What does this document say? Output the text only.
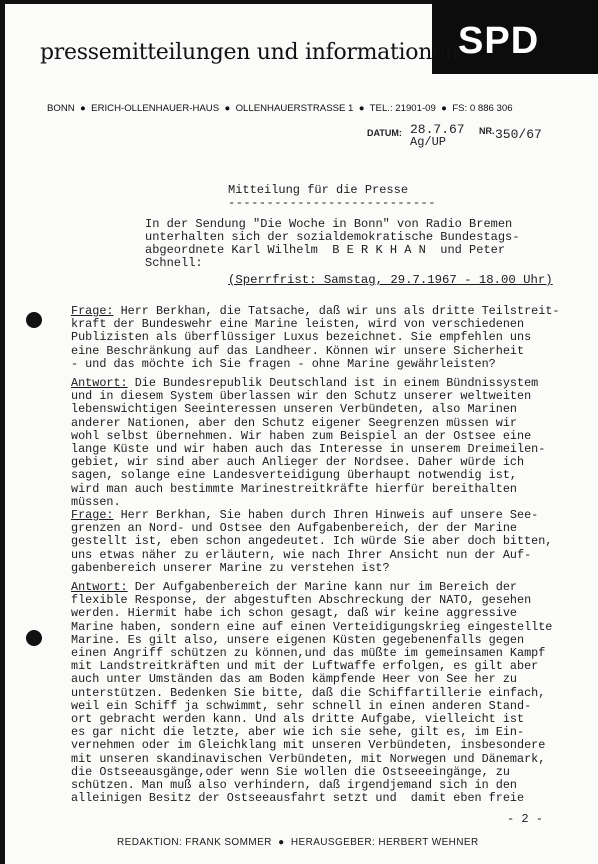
SPD
pressemitteilungen und informationen
BONN  ●  ERICH-OLLENHAUER-HAUS  ●  OLLENHAUERSTRASSE 1  ●  TEL.: 21901-09  ●  FS: 0 886 306
DATUM: 28.7.67
Ag/UP
NR. 350/67
Mitteilung für die Presse
---------------------------
In der Sendung "Die Woche in Bonn" von Radio Bremen
unterhalten sich der sozialdemokratische Bundestags-
abgeordnete Karl Wilhelm  B E R K H A N  und Peter
Schnell:
(Sperrfrist: Samstag, 29.7.1967 - 18.00 Uhr)
Frage: Herr Berkhan, die Tatsache, daß wir uns als dritte Teilstreit-
kraft der Bundeswehr eine Marine leisten, wird von verschiedenen
Publizisten als überflüssiger Luxus bezeichnet. Sie empfehlen uns
eine Beschränkung auf das Landheer. Können wir unsere Sicherheit
- und das möchte ich Sie fragen - ohne Marine gewährleisten?
Antwort: Die Bundesrepublik Deutschland ist in einem Bündnissystem
und in diesem System überlassen wir den Schutz unserer weltweiten
lebenswichtigen Seeinteressen unseren Verbündeten, also Marinen
anderer Nationen, aber den Schutz eigener Seegrenzen müssen wir
wohl selbst übernehmen. Wir haben zum Beispiel an der Ostsee eine
lange Küste und wir haben auch das Interesse in unserem Dreimeilen-
gebiet, wir sind aber auch Anlieger der Nordsee. Daher würde ich
sagen, solange eine Landesverteidigung überhaupt notwendig ist,
wird man auch bestimmte Marinestreitkräfte hierfür bereithalten
müssen.
Frage: Herr Berkhan, Sie haben durch Ihren Hinweis auf unsere See-
grenzen an Nord- und Ostsee den Aufgabenbereich, der der Marine
gestellt ist, eben schon angedeutet. Ich würde Sie aber doch bitten,
uns etwas näher zu erläutern, wie nach Ihrer Ansicht nun der Auf-
gabenbereich unserer Marine zu verstehen ist?
Antwort: Der Aufgabenbereich der Marine kann nur im Bereich der
flexible Response, der abgestuften Abschreckung der NATO, gesehen
werden. Hiermit habe ich schon gesagt, daß wir keine aggressive
Marine haben, sondern eine auf einen Verteidigungskrieg eingestellte
Marine. Es gilt also, unsere eigenen Küsten gegebenenfalls gegen
einen Angriff schützen zu können,und das müßte im gemeinsamen Kampf
mit Landstreitkräften und mit der Luftwaffe erfolgen, es gilt aber
auch unter Umständen das am Boden kämpfende Heer von See her zu
unterstützen. Bedenken Sie bitte, daß die Schiffartillerie einfach,
weil ein Schiff ja schwimmt, sehr schnell in einen anderen Stand-
ort gebracht werden kann. Und als dritte Aufgabe, vielleicht ist
es gar nicht die letzte, aber wie ich sie sehe, gilt es, im Ein-
vernehmen oder im Gleichklang mit unseren Verbündeten, insbesondere
mit unseren skandinavischen Verbündeten, mit Norwegen und Dänemark,
die Ostseeausgänge,oder wenn Sie wollen die Ostseeeingänge, zu
schützen. Man muß also verhindern, daß irgendjemand sich in den
alleinigen Besitz der Ostseeausfahrt setzt und  damit eben freie
- 2 -
REDAKTION: FRANK SOMMER  ●  HERAUSGEBER: HERBERT WEHNER
